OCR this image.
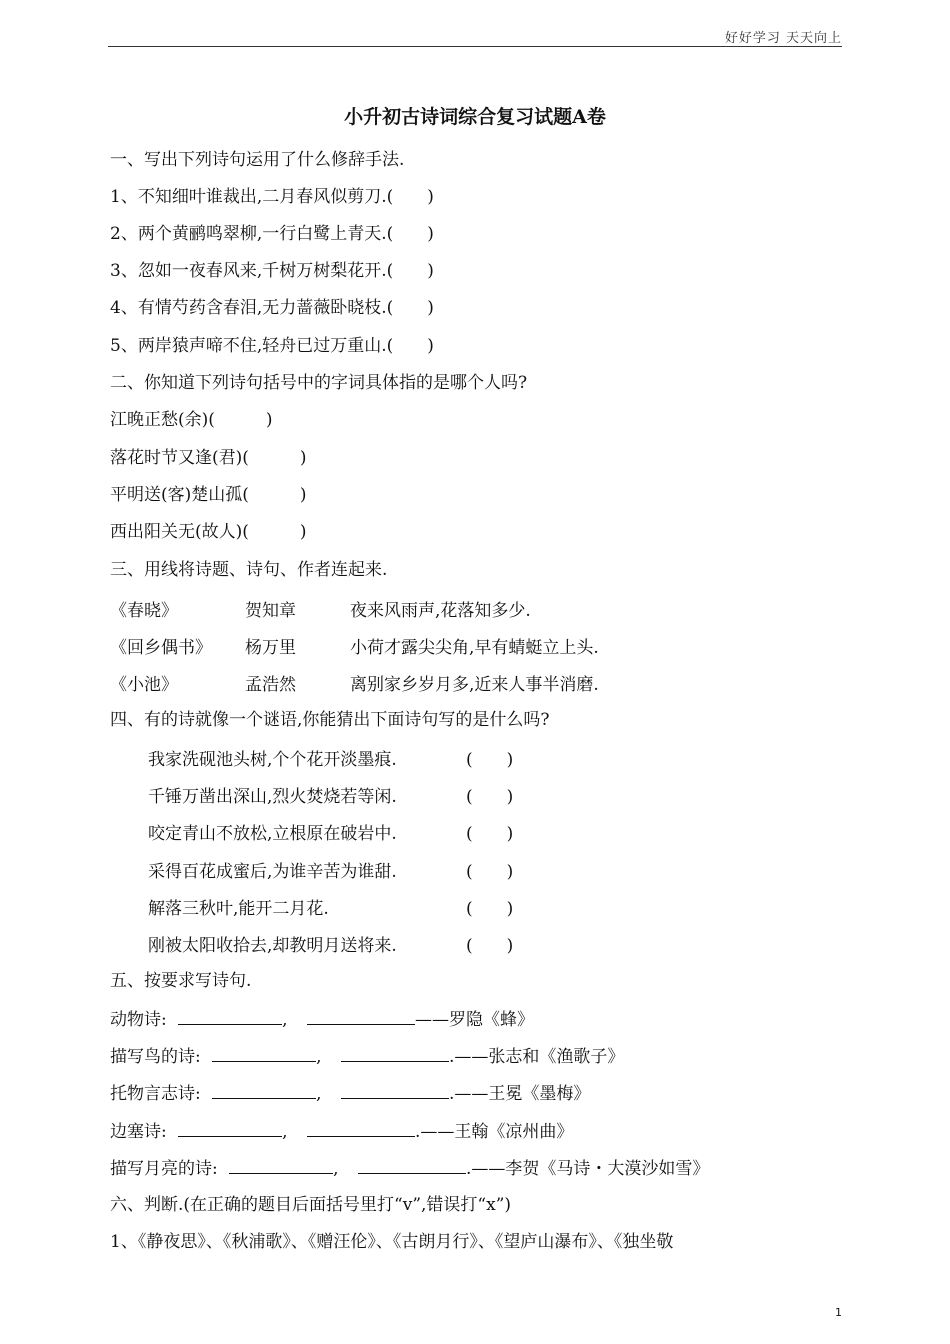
好好学习 天天向上
小升初古诗词综合复习试题A卷
一、写出下列诗句运用了什么修辞手法.
1、不知细叶谁裁出,二月春风似剪刀.(　　)
2、两个黄鹂鸣翠柳,一行白鹭上青天.(　　)
3、忽如一夜春风来,千树万树梨花开.(　　)
4、有情芍药含春泪,无力蔷薇卧晓枝.(　　)
5、两岸猿声啼不住,轻舟已过万重山.(　　)
二、你知道下列诗句括号中的字词具体指的是哪个人吗?
江晚正愁(余)(　　　)
落花时节又逢(君)(　　　)
平明送(客)楚山孤(　　　)
西出阳关无(故人)(　　　)
三、用线将诗题、诗句、作者连起来.
《春晓》	贺知章	夜来风雨声,花落知多少.
《回乡偶书》 杨万里	小荷才露尖尖角,早有蜻蜓立上头.
《小池》	孟浩然	离别家乡岁月多,近来人事半消磨.
四、有的诗就像一个谜语,你能猜出下面诗句写的是什么吗?
我家洗砚池头树,个个花开淡墨痕.	(　　)
千锤万凿出深山,烈火焚烧若等闲.	(　　)
咬定青山不放松,立根原在破岩中.	(　　)
采得百花成蜜后,为谁辛苦为谁甜.	(　　)
解落三秋叶,能开二月花.	(　　)
刚被太阳收拾去,却教明月送将来.	(　　)
五、按要求写诗句.
动物诗:	,	——罗隐《蜂》
描写鸟的诗:	,	.——张志和《渔歌子》
托物言志诗:	,	.——王冕《墨梅》
边塞诗:	,	.——王翰《凉州曲》
描写月亮的诗:	,	.——李贺《马诗・大漠沙如雪》
六、判断.(在正确的题目后面括号里打“v”,错误打“x”)
1、《静夜思》、《秋浦歌》、《赠汪伦》、《古朗月行》、《望庐山瀑布》、《独坐敬
1
